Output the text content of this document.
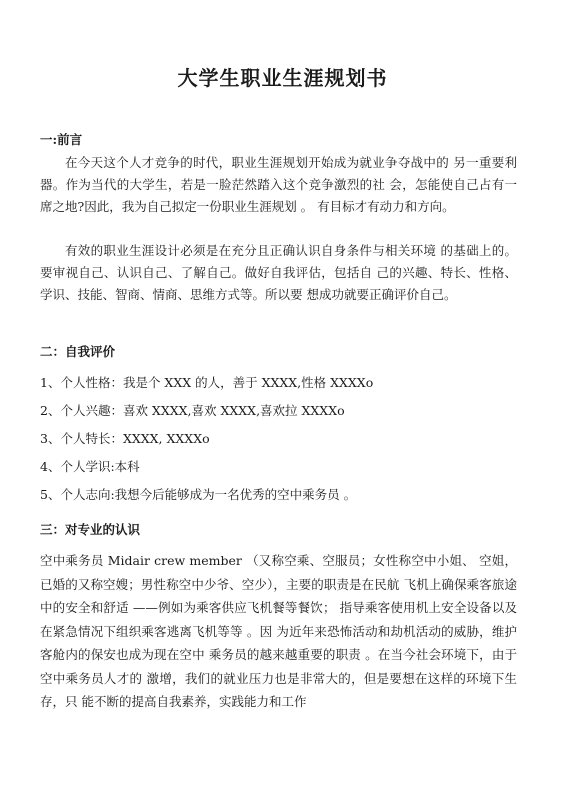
大学生职业生涯规划书
一:前言

在今天这个人才竞争的时代，职业生涯规划开始成为就业争夺战中的 另一重要利器。作为当代的大学生，若是一脸茫然踏入这个竞争激烈的社 会，怎能使自己占有一席之地?因此，我为自己拟定一份职业生涯规划 。 有目标才有动力和方向。

有效的职业生涯设计必须是在充分且正确认识自身条件与相关环境 的基础上的。要审视自己、认识自己、了解自己。做好自我评估，包括自 己的兴趣、特长、性格、学识、技能、智商、情商、思维方式等。所以要 想成功就要正确评价自己。

二：自我评价
1、个人性格：我是个 XXX 的人，善于 XXXX,性格 XXXXo
2、个人兴趣：喜欢 XXXX,喜欢 XXXX,喜欢拉 XXXXo
3、个人特长：XXXX, XXXXo
4、个人学识:本科
5、个人志向:我想今后能够成为一名优秀的空中乘务员 。
三：对专业的认识

空中乘务员 Midair crew member （又称空乘、空服员；女性称空中小姐、 空姐，已婚的又称空嫂；男性称空中少爷、空少），主要的职责是在民航 飞机上确保乘客旅途中的安全和舒适 ——例如为乘客供应飞机餐等餐饮； 指导乘客使用机上安全设备以及在紧急情况下组织乘客逃离飞机等等 。因 为近年来恐怖活动和劫机活动的威胁，维护客舱内的保安也成为现在空中 乘务员的越来越重要的职责 。在当今社会环境下，由于空中乘务员人才的 激增，我们的就业压力也是非常大的，但是要想在这样的环境下生存，只 能不断的提高自我素养，实践能力和工作
